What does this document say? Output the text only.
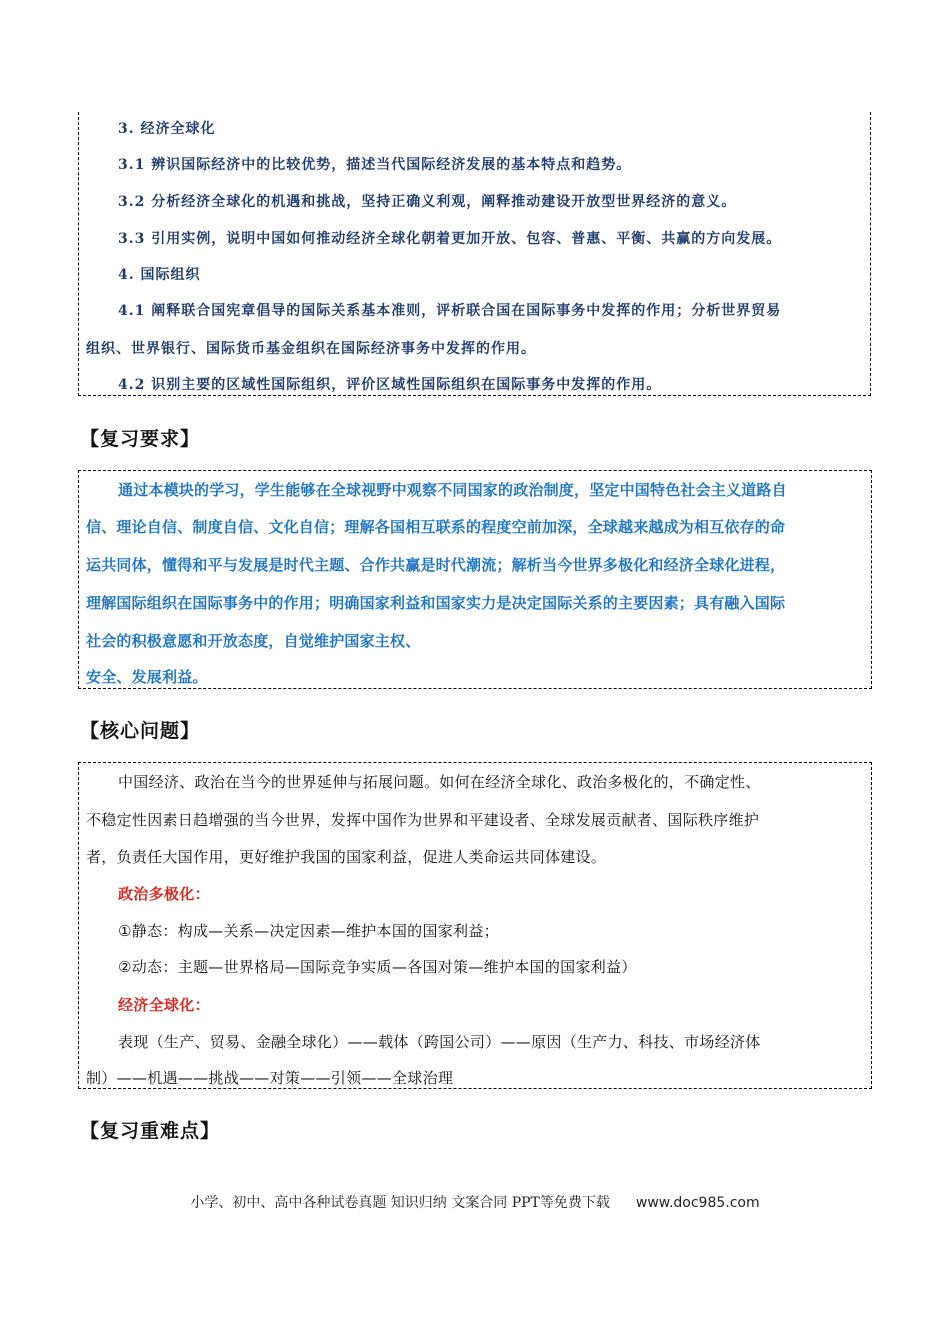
3. 经济全球化
3.1 辨识国际经济中的比较优势，描述当代国际经济发展的基本特点和趋势。
3.2 分析经济全球化的机遇和挑战，坚持正确义利观，阐释推动建设开放型世界经济的意义。
3.3 引用实例，说明中国如何推动经济全球化朝着更加开放、包容、普惠、平衡、共赢的方向发展。
4. 国际组织
4.1 阐释联合国宪章倡导的国际关系基本准则，评析联合国在国际事务中发挥的作用；分析世界贸易
组织、世界银行、国际货币基金组织在国际经济事务中发挥的作用。
4.2 识别主要的区域性国际组织，评价区域性国际组织在国际事务中发挥的作用。
【复习要求】
通过本模块的学习，学生能够在全球视野中观察不同国家的政治制度，坚定中国特色社会主义道路自
信、理论自信、制度自信、文化自信；理解各国相互联系的程度空前加深，全球越来越成为相互依存的命
运共同体，懂得和平与发展是时代主题、合作共赢是时代潮流；解析当今世界多极化和经济全球化进程，
理解国际组织在国际事务中的作用；明确国家利益和国家实力是决定国际关系的主要因素；具有融入国际
社会的积极意愿和开放态度，自觉维护国家主权、
安全、发展利益。
【核心问题】
中国经济、政治在当今的世界延伸与拓展问题。如何在经济全球化、政治多极化的，不确定性、
不稳定性因素日趋增强的当今世界，发挥中国作为世界和平建设者、全球发展贡献者、国际秩序维护
者，负责任大国作用，更好维护我国的国家利益，促进人类命运共同体建设。
政治多极化：
①静态：构成—关系—决定因素—维护本国的国家利益；
②动态：主题—世界格局—国际竞争实质—各国对策—维护本国的国家利益）
经济全球化：
表现（生产、贸易、金融全球化）——载体（跨国公司）——原因（生产力、科技、市场经济体
制）——机遇——挑战——对策——引领——全球治理
【复习重难点】
小学、初中、高中各种试卷真题 知识归纳 文案合同 PPT等免费下载 www.doc985.com
